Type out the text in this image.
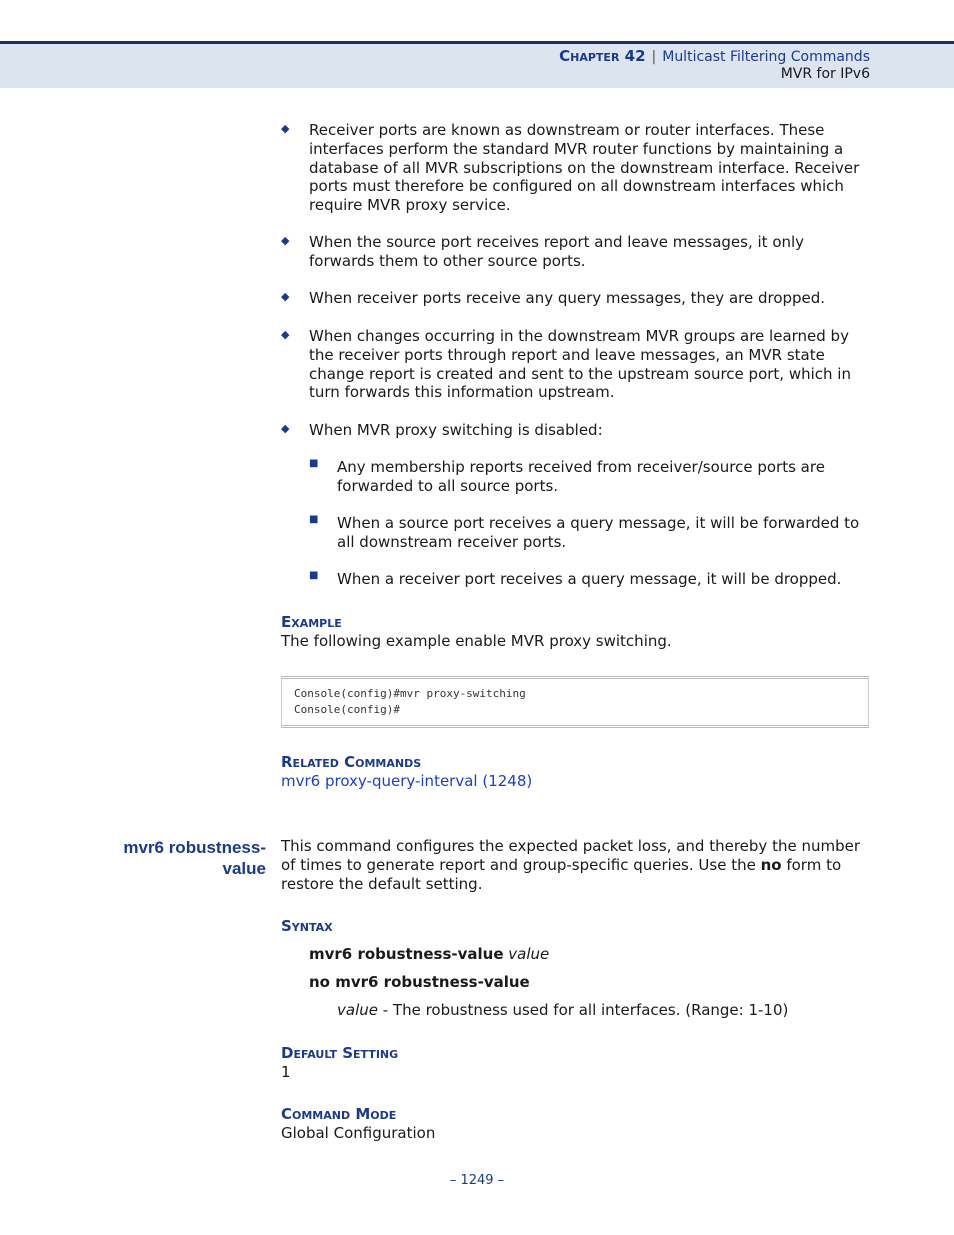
Chapter 42 | Multicast Filtering Commands
MVR for IPv6
◆ Receiver ports are known as downstream or router interfaces. These interfaces perform the standard MVR router functions by maintaining a database of all MVR subscriptions on the downstream interface. Receiver ports must therefore be configured on all downstream interfaces which require MVR proxy service.
◆ When the source port receives report and leave messages, it only forwards them to other source ports.
◆ When receiver ports receive any query messages, they are dropped.
◆ When changes occurring in the downstream MVR groups are learned by the receiver ports through report and leave messages, an MVR state change report is created and sent to the upstream source port, which in turn forwards this information upstream.
◆ When MVR proxy switching is disabled:
■ Any membership reports received from receiver/source ports are forwarded to all source ports.
■ When a source port receives a query message, it will be forwarded to all downstream receiver ports.
■ When a receiver port receives a query message, it will be dropped.
Example
The following example enable MVR proxy switching.
Console(config)#mvr proxy-switching
Console(config)#
Related Commands
mvr6 proxy-query-interval (1248)
mvr6 robustness-
value
This command configures the expected packet loss, and thereby the number of times to generate report and group-specific queries. Use the no form to restore the default setting.
Syntax
mvr6 robustness-value value
no mvr6 robustness-value
value - The robustness used for all interfaces. (Range: 1-10)
Default Setting
1
Command Mode
Global Configuration
– 1249 –
